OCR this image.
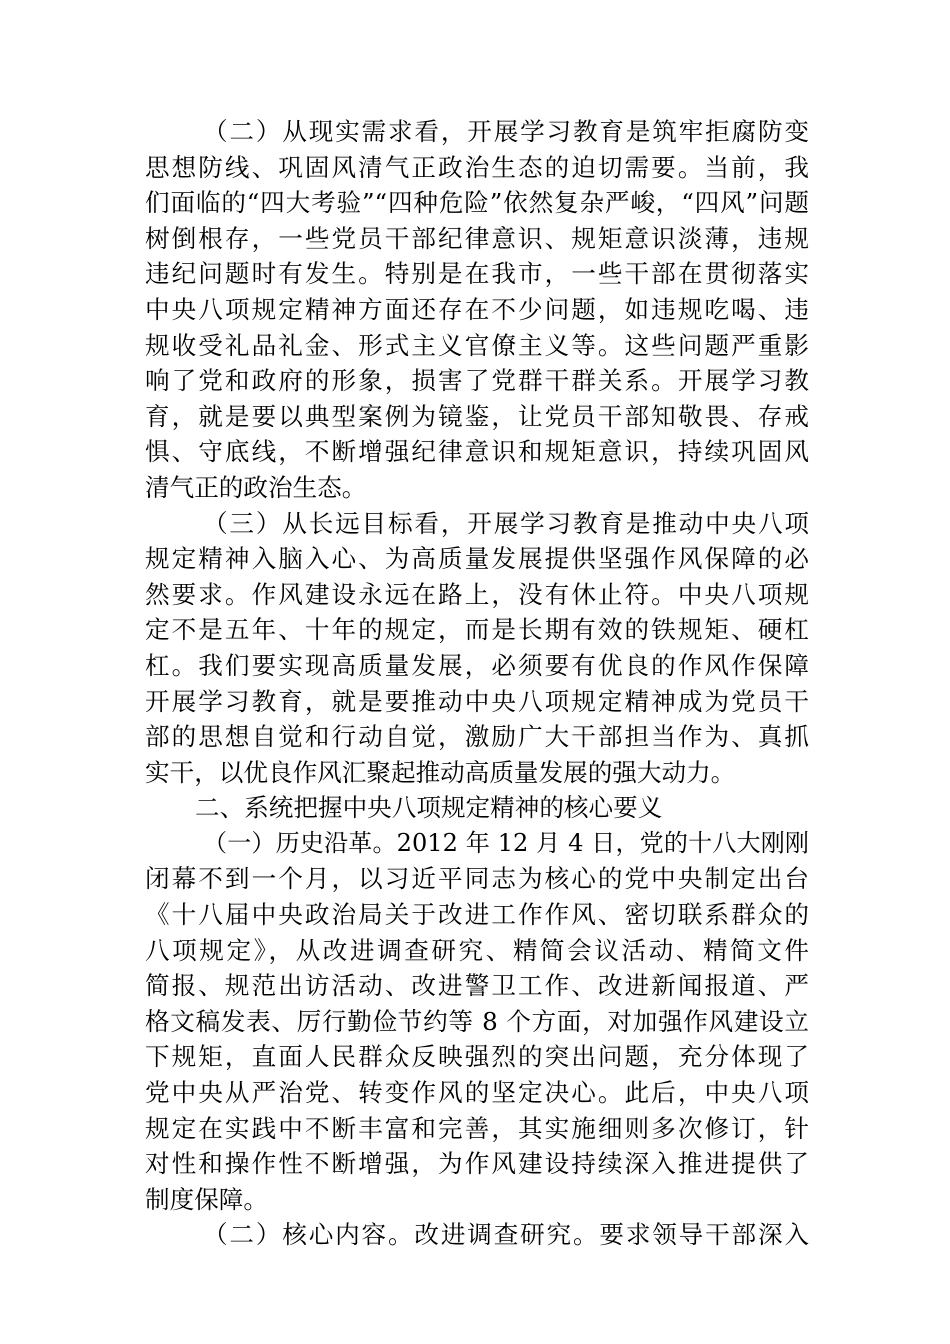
（二）从现实需求看，开展学习教育是筑牢拒腐防变
思想防线、巩固风清气正政治生态的迫切需要。当前，我
们面临的“四大考验”“四种危险”依然复杂严峻，“四风”问题
树倒根存，一些党员干部纪律意识、规矩意识淡薄，违规
违纪问题时有发生。特别是在我市，一些干部在贯彻落实
中央八项规定精神方面还存在不少问题，如违规吃喝、违
规收受礼品礼金、形式主义官僚主义等。这些问题严重影
响了党和政府的形象，损害了党群干群关系。开展学习教
育，就是要以典型案例为镜鉴，让党员干部知敬畏、存戒
惧、守底线，不断增强纪律意识和规矩意识，持续巩固风
清气正的政治生态。
（三）从长远目标看，开展学习教育是推动中央八项
规定精神入脑入心、为高质量发展提供坚强作风保障的必
然要求。作风建设永远在路上，没有休止符。中央八项规
定不是五年、十年的规定，而是长期有效的铁规矩、硬杠
杠。我们要实现高质量发展，必须要有优良的作风作保障
开展学习教育，就是要推动中央八项规定精神成为党员干
部的思想自觉和行动自觉，激励广大干部担当作为、真抓
实干，以优良作风汇聚起推动高质量发展的强大动力。
二、系统把握中央八项规定精神的核心要义
（一）历史沿革。2012 年 12 月 4 日，党的十八大刚刚
闭幕不到一个月，以习近平同志为核心的党中央制定出台
《十八届中央政治局关于改进工作作风、密切联系群众的
八项规定》，从改进调查研究、精简会议活动、精简文件
简报、规范出访活动、改进警卫工作、改进新闻报道、严
格文稿发表、厉行勤俭节约等 8 个方面，对加强作风建设立
下规矩，直面人民群众反映强烈的突出问题，充分体现了
党中央从严治党、转变作风的坚定决心。此后，中央八项
规定在实践中不断丰富和完善，其实施细则多次修订，针
对性和操作性不断增强，为作风建设持续深入推进提供了
制度保障。
（二）核心内容。改进调查研究。要求领导干部深入
